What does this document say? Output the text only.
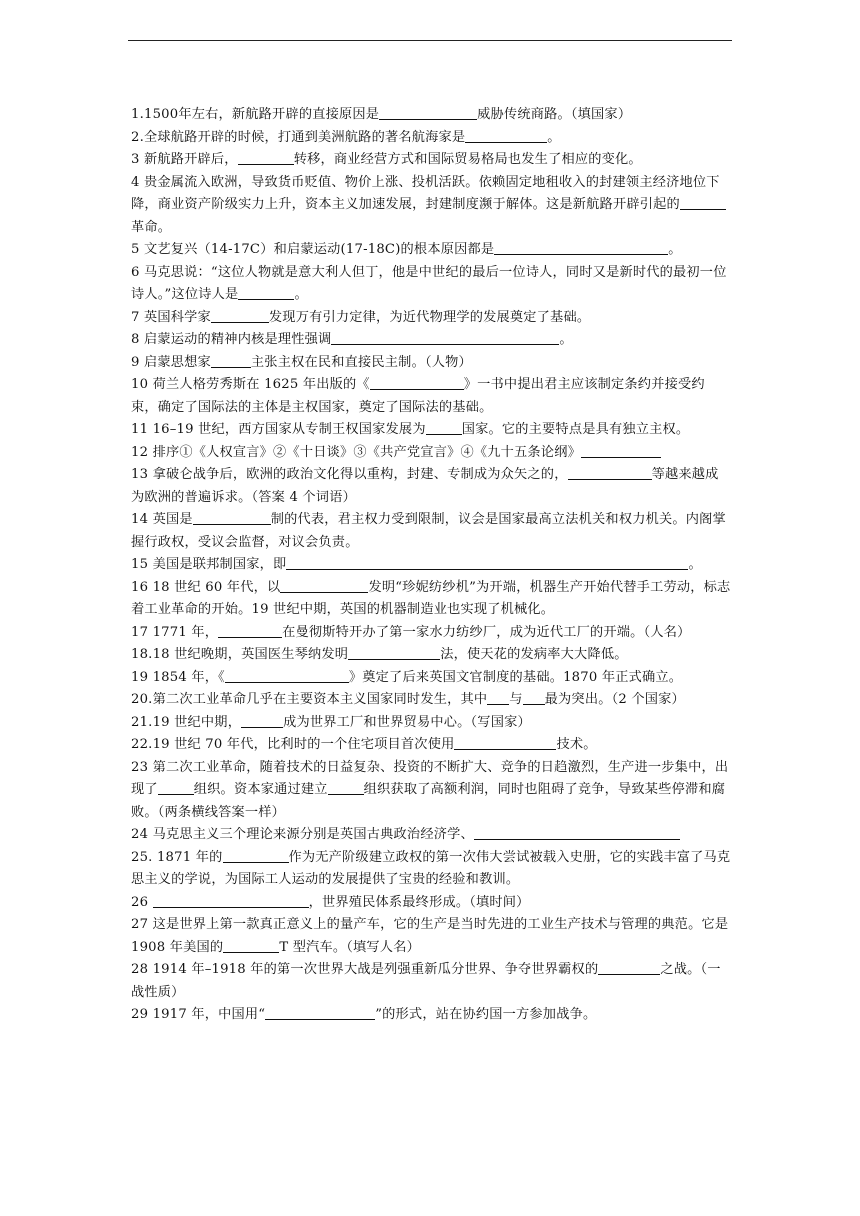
1.1500年左右，新航路开辟的直接原因是	威胁传统商路。（填国家）

2.全球航路开辟的时候，打通到美洲航路的著名航海家是	。

3 新航路开辟后，	转移，商业经营方式和国际贸易格局也发生了相应的变化。

4 贵金属流入欧洲，导致货币贬值、物价上涨、投机活跃。依赖固定地租收入的封建领主经济地位下降，商业资产阶级实力上升，资本主义加速发展，封建制度濒于解体。这是新航路开辟引起的革命。

5 文艺复兴（14-17C）和启蒙运动(17-18C)的根本原因都是	。

6 马克思说：“这位人物就是意大利人但丁，他是中世纪的最后一位诗人，同时又是新时代的最初一位诗人。”这位诗人是	。

7 英国科学家	发现万有引力定律，为近代物理学的发展奠定了基础。

8 启蒙运动的精神内核是理性强调	。

9 启蒙思想家	主张主权在民和直接民主制。（人物）

10 荷兰人格劳秀斯在 1625 年出版的《	》一书中提出君主应该制定条约并接受约束，确定了国际法的主体是主权国家，奠定了国际法的基础。

11 16–19 世纪，西方国家从专制王权国家发展为	国家。它的主要特点是具有独立主权。

12 排序①《人权宣言》②《十日谈》③《共产党宣言》④《九十五条论纲》

13 拿破仑战争后，欧洲的政治文化得以重构，封建、专制成为众矢之的，	等越来越成为欧洲的普遍诉求。（答案 4 个词语）

14 英国是	制的代表，君主权力受到限制，议会是国家最高立法机关和权力机关。内阁掌握行政权，受议会监督，对议会负责。

15 美国是联邦制国家，即	。

16 18 世纪 60 年代，以	发明“珍妮纺纱机”为开端，机器生产开始代替手工劳动，标志着工业革命的开始。19 世纪中期，英国的机器制造业也实现了机械化。

17 1771 年，	在曼彻斯特开办了第一家水力纺纱厂，成为近代工厂的开端。（人名）

18.18 世纪晚期，英国医生琴纳发明	法，使天花的发病率大大降低。

19 1854 年，《	》奠定了后来英国文官制度的基础。1870 年正式确立。

20.第二次工业革命几乎在主要资本主义国家同时发生，其中 与 最为突出。（2 个国家）

21.19 世纪中期，	成为世界工厂和世界贸易中心。（写国家）

22.19 世纪 70 年代，比利时的一个住宅项目首次使用	技术。

23 第二次工业革命，随着技术的日益复杂、投资的不断扩大、竞争的日趋激烈，生产进一步集中，出现了	组织。资本家通过建立	组织获取了高额利润，同时也阻碍了竞争，导致某些停滞和腐败。（两条横线答案一样）

24 马克思主义三个理论来源分别是英国古典政治经济学、

25. 1871 年的	作为无产阶级建立政权的第一次伟大尝试被载入史册，它的实践丰富了马克思主义的学说，为国际工人运动的发展提供了宝贵的经验和教训。

26	，世界殖民体系最终形成。（填时间）

27 这是世界上第一款真正意义上的量产车，它的生产是当时先进的工业生产技术与管理的典范。它是 1908 年美国的	T 型汽车。（填写人名）

28 1914 年–1918 年的第一次世界大战是列强重新瓜分世界、争夺世界霸权的	之战。（一战性质）

29 1917 年，中国用“	”的形式，站在协约国一方参加战争。
